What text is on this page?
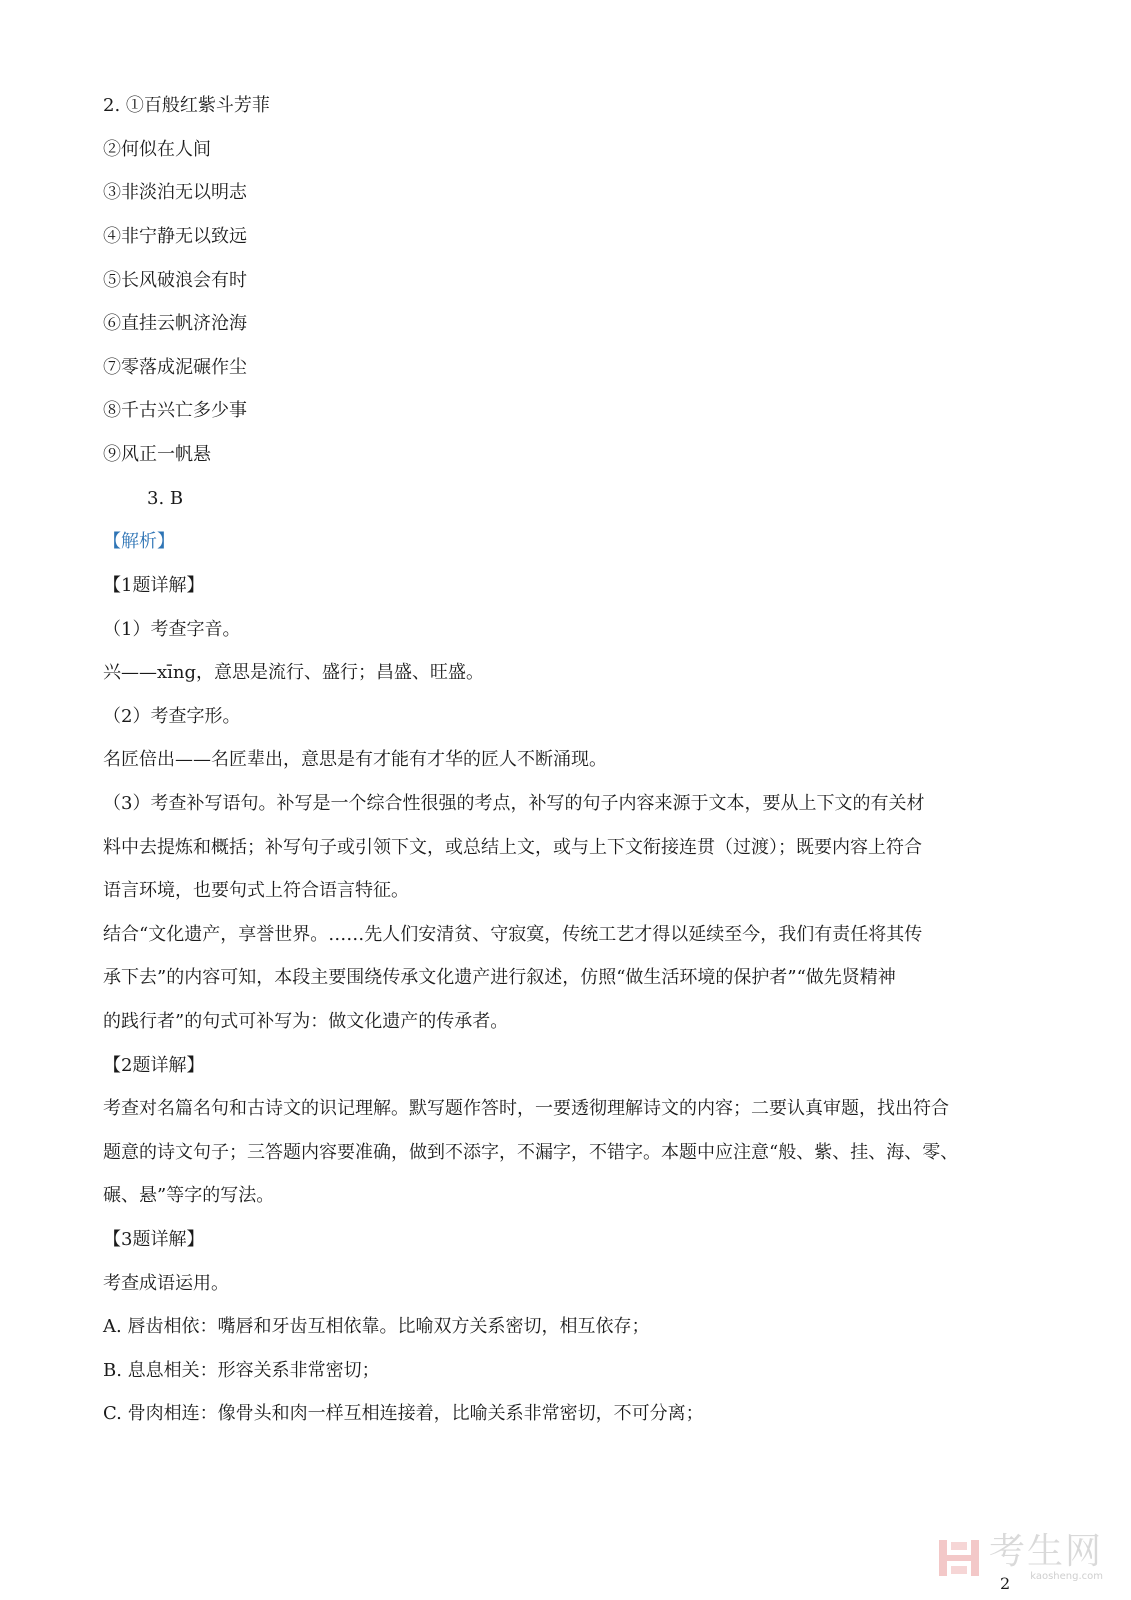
2. ①百般红紫斗芳菲
②何似在人间
③非淡泊无以明志
④非宁静无以致远
⑤长风破浪会有时
⑥直挂云帆济沧海
⑦零落成泥碾作尘
⑧千古兴亡多少事
⑨风正一帆悬
3. B
【解析】
【1题详解】
（1）考查字音。
兴——xīng，意思是流行、盛行；昌盛、旺盛。
（2）考查字形。
名匠倍出——名匠辈出，意思是有才能有才华的匠人不断涌现。
（3）考查补写语句。补写是一个综合性很强的考点，补写的句子内容来源于文本，要从上下文的有关材
料中去提炼和概括；补写句子或引领下文，或总结上文，或与上下文衔接连贯（过渡）；既要内容上符合
语言环境，也要句式上符合语言特征。
结合“文化遗产，享誉世界。……先人们安清贫、守寂寞，传统工艺才得以延续至今，我们有责任将其传
承下去”的内容可知，本段主要围绕传承文化遗产进行叙述，仿照“做生活环境的保护者”“做先贤精神
的践行者”的句式可补写为：做文化遗产的传承者。
【2题详解】
考查对名篇名句和古诗文的识记理解。默写题作答时，一要透彻理解诗文的内容；二要认真审题，找出符合
题意的诗文句子；三答题内容要准确，做到不添字，不漏字，不错字。本题中应注意“般、紫、挂、海、零、
碾、悬”等字的写法。
【3题详解】
考查成语运用。
A. 唇齿相依：嘴唇和牙齿互相依靠。比喻双方关系密切，相互依存；
B. 息息相关：形容关系非常密切；
C. 骨肉相连：像骨头和肉一样互相连接着，比喻关系非常密切，不可分离；
考生网
kaosheng.com
2
